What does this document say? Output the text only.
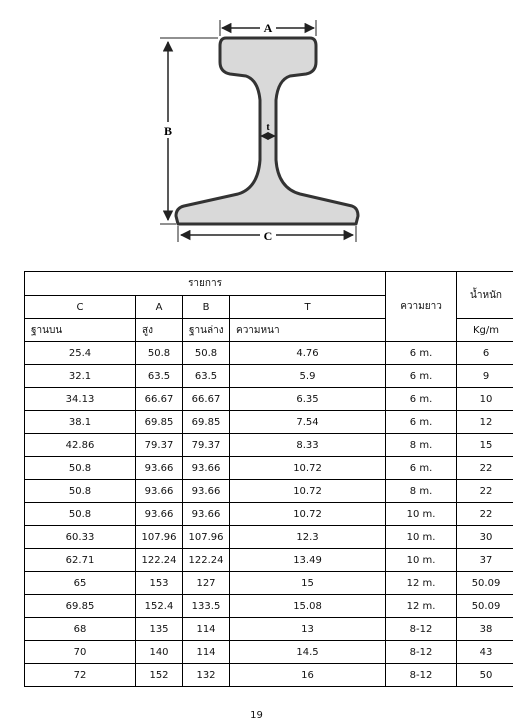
A
B
C
t
รายการ				ความยาว	น้ำหนัก
C	A	B	T		
ฐานบน	สูง	ฐานล่าง	ความหนา		Kg/m
25.4	50.8	50.8	4.76	6 m.	6
32.1	63.5	63.5	5.9	6 m.	9
34.13	66.67	66.67	6.35	6 m.	10
38.1	69.85	69.85	7.54	6 m.	12
42.86	79.37	79.37	8.33	8 m.	15
50.8	93.66	93.66	10.72	6 m.	22
50.8	93.66	93.66	10.72	8 m.	22
50.8	93.66	93.66	10.72	10 m.	22
60.33	107.96	107.96	12.3	10 m.	30
62.71	122.24	122.24	13.49	10 m.	37
65	153	127	15	12 m.	50.09
69.85	152.4	133.5	15.08	12 m.	50.09
68	135	114	13	8-12	38
70	140	114	14.5	8-12	43
72	152	132	16	8-12	50
19
